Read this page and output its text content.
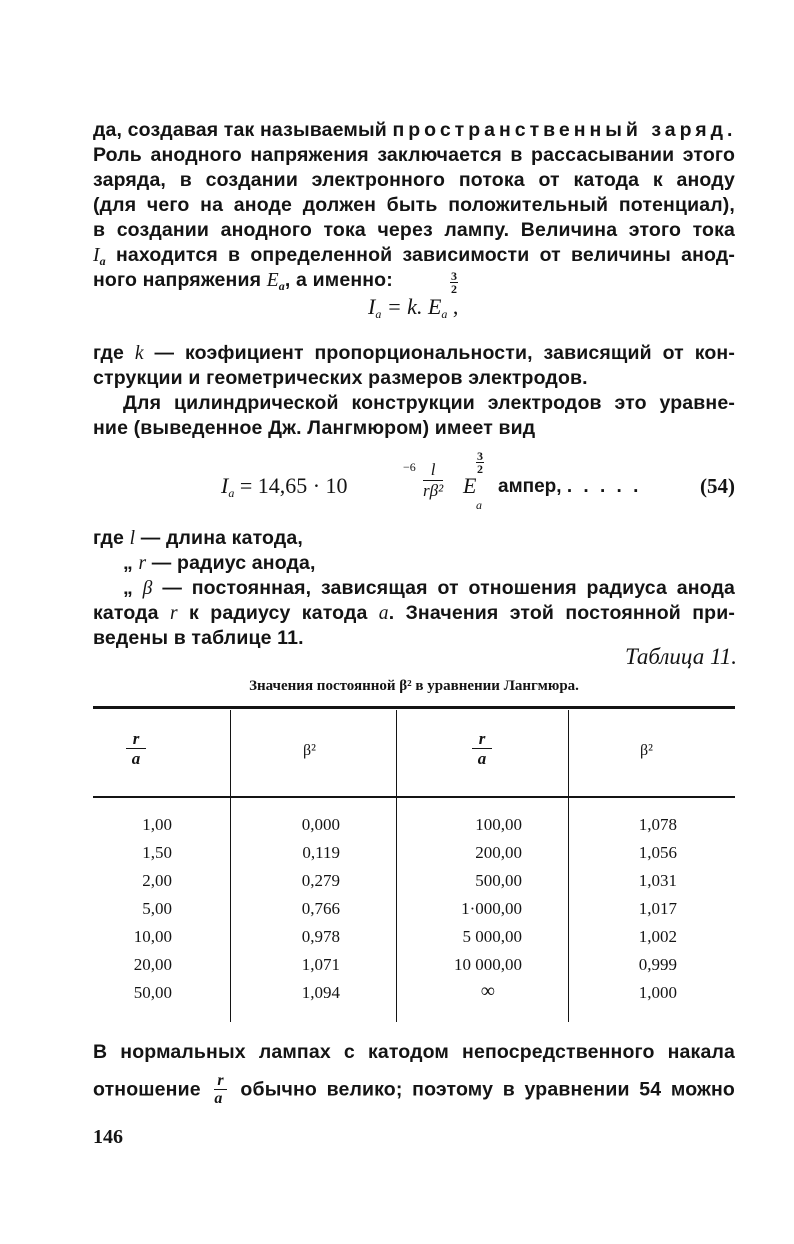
да, создавая так называемый пространственный заряд.
Роль анодного напряжения заключается в рассасывании этого
заряда, в создании электронного потока от катода к аноду
(для чего на аноде должен быть положительный потенциал),
в создании анодного тока через лампу. Величина этого тока
$I_a$ находится в определенной зависимости от величины анод-
ного напряжения $E_a$, а именно:
$I_a = k$. $E_a$ ,
$\frac{3}{2}$
где k — коэфициент пропорциональности, зависящий от кон-
струкции и геометрических размеров электродов.
Для цилиндрической конструкции электродов это уравне-
ние (выведенное Дж. Лангмюром) имеет вид
$I_a = 14,65 \cdot 10$
$-6 \frac{l}{\text{rβ²}}$ E
a
$\frac{3}{2}$
ампер, . . . . .	(54)
где l — длина катода,
„ r — радиус анода,
„ β — постоянная, зависящая от отношения радиуса анода
катода r к радиусу катода a. Значения этой постоянной при-
ведены в таблице 11.
Таблица 11.
Значения постоянной β² в уравнении Лангмюра.
$\frac{r}{a}$	β²	$\frac{r}{a}$	β²
1,00	0,000	100,00	1,078
1,50	0,119	200,00	1,056
2,00	0,279	500,00	1,031
5,00	0,766	1·000,00	1,017
10,00	0,978	5 000,00	1,002
20,00	1,071	10 000,00	0,999
50,00	1,094	∞	1,000
В нормальных лампах с катодом непосредственного накала
отношение $\frac{r}{a}$ обычно велико; поэтому в уравнении 54 можно
146
